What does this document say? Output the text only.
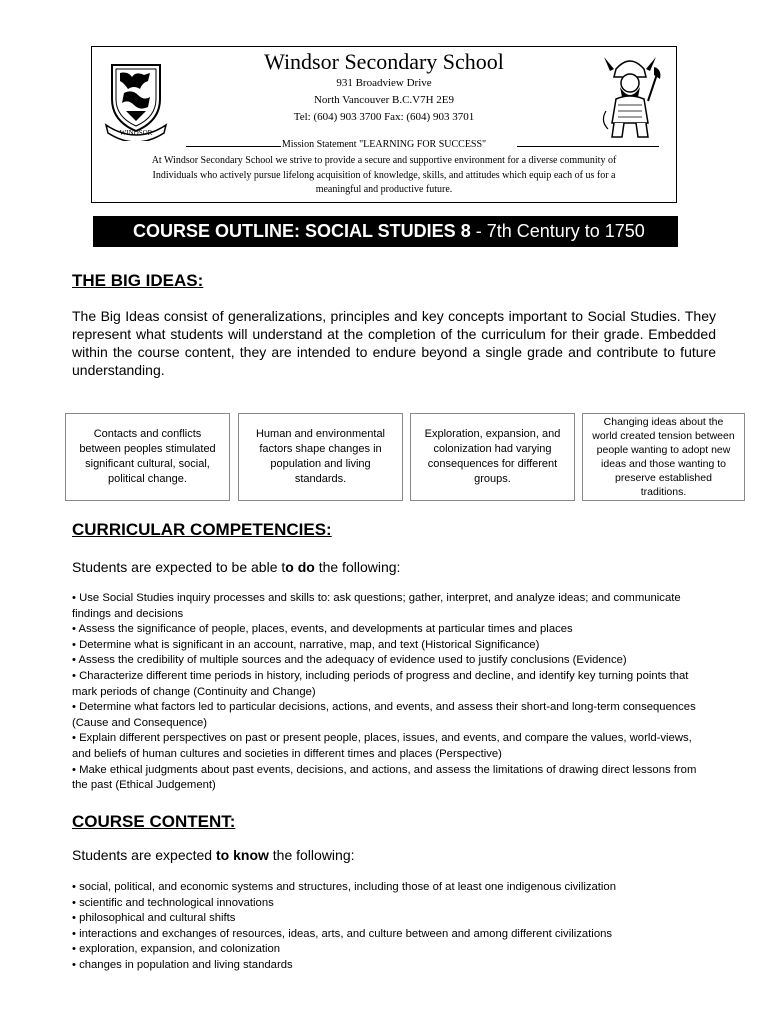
WINDSOR
Windsor Secondary School
931 Broadview Drive
North Vancouver B.C.V7H 2E9
Tel: (604) 903 3700 Fax: (604) 903 3701
Mission Statement "LEARNING FOR SUCCESS"
At Windsor Secondary School we strive to provide a secure and supportive environment for a diverse community of Individuals who actively pursue lifelong acquisition of knowledge, skills, and attitudes which equip each of us for a meaningful and productive future.
COURSE OUTLINE: SOCIAL STUDIES 8 - 7th Century to 1750
THE BIG IDEAS:
The Big Ideas consist of generalizations, principles and key concepts important to Social Studies. They represent what students will understand at the completion of the curriculum for their grade. Embedded within the course content, they are intended to endure beyond a single grade and contribute to future understanding.
Contacts and conflicts between peoples stimulated significant cultural, social, political change.
Human and environmental factors shape changes in population and living standards.
Exploration, expansion, and colonization had varying consequences for different groups.
Changing ideas about the world created tension between people wanting to adopt new ideas and those wanting to preserve established traditions.
CURRICULAR COMPETENCIES:
Students are expected to be able to do the following:
• Use Social Studies inquiry processes and skills to: ask questions; gather, interpret, and analyze ideas; and communicate findings and decisions
• Assess the significance of people, places, events, and developments at particular times and places
• Determine what is significant in an account, narrative, map, and text (Historical Significance)
• Assess the credibility of multiple sources and the adequacy of evidence used to justify conclusions (Evidence)
• Characterize different time periods in history, including periods of progress and decline, and identify key turning points that mark periods of change (Continuity and Change)
• Determine what factors led to particular decisions, actions, and events, and assess their short-and long-term consequences (Cause and Consequence)
• Explain different perspectives on past or present people, places, issues, and events, and compare the values, world-views, and beliefs of human cultures and societies in different times and places (Perspective)
• Make ethical judgments about past events, decisions, and actions, and assess the limitations of drawing direct lessons from the past (Ethical Judgement)
COURSE CONTENT:
Students are expected to know the following:
• social, political, and economic systems and structures, including those of at least one indigenous civilization
• scientific and technological innovations
• philosophical and cultural shifts
• interactions and exchanges of resources, ideas, arts, and culture between and among different civilizations
• exploration, expansion, and colonization
• changes in population and living standards
